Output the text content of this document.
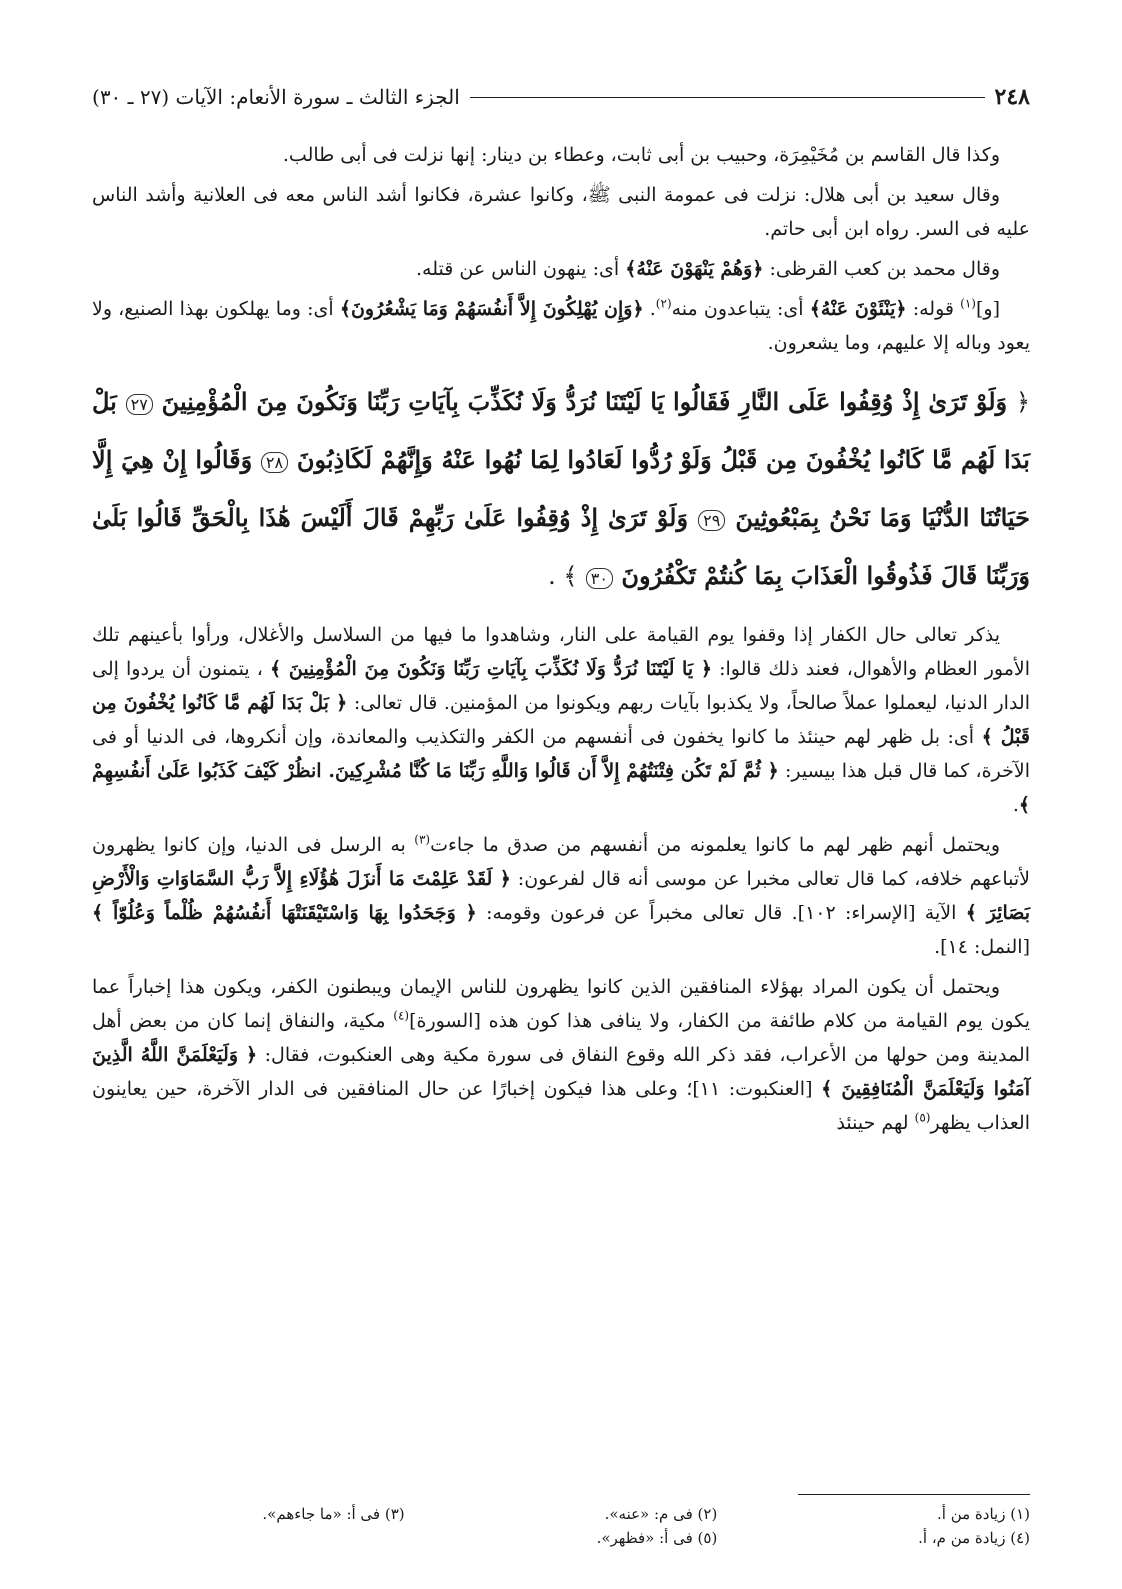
٢٤٨
الجزء الثالث ـ سورة الأنعام: الآيات (٢٧ ـ ٣٠)

وكذا قال القاسم بن مُخَيْمِرَة، وحبيب بن أبى ثابت، وعطاء بن دينار: إنها نزلت فى أبى طالب.

وقال سعيد بن أبى هلال: نزلت فى عمومة النبى ﷺ، وكانوا عشرة، فكانوا أشد الناس معه فى العلانية وأشد الناس عليه فى السر. رواه ابن أبى حاتم.

وقال محمد بن كعب القرظى: ﴿وَهُمْ يَنْهَوْنَ عَنْهُ﴾ أى: ينهون الناس عن قتله.

[و]$^{(١)}$ قوله: ﴿يَنْئَوْنَ عَنْهُ﴾ أى: يتباعدون منه$^{(٢)}$. ﴿وَإِن يُهْلِكُونَ إِلاَّ أَنفُسَهُمْ وَمَا يَشْعُرُونَ﴾ أى: وما يهلكون بهذا الصنيع، ولا يعود وباله إلا عليهم، وما يشعرون.

﴿ وَلَوْ تَرَىٰ إِذْ وُقِفُوا عَلَى النَّارِ فَقَالُوا يَا لَيْتَنَا نُرَدُّ وَلَا نُكَذِّبَ بِآيَاتِ رَبِّنَا وَنَكُونَ مِنَ الْمُؤْمِنِينَ ٢٧ بَلْ بَدَا لَهُم مَّا كَانُوا يُخْفُونَ مِن قَبْلُ وَلَوْ رُدُّوا لَعَادُوا لِمَا نُهُوا عَنْهُ وَإِنَّهُمْ لَكَاذِبُونَ ٢٨ وَقَالُوا إِنْ هِيَ إِلَّا حَيَاتُنَا الدُّنْيَا وَمَا نَحْنُ بِمَبْعُوثِينَ ٢٩ وَلَوْ تَرَىٰ إِذْ وُقِفُوا عَلَىٰ رَبِّهِمْ قَالَ أَلَيْسَ هَٰذَا بِالْحَقِّ قَالُوا بَلَىٰ وَرَبِّنَا قَالَ فَذُوقُوا الْعَذَابَ بِمَا كُنتُمْ تَكْفُرُونَ ٣٠ ﴾ .

يذكر تعالى حال الكفار إذا وقفوا يوم القيامة على النار، وشاهدوا ما فيها من السلاسل والأغلال، ورأوا بأعينهم تلك الأمور العظام والأهوال، فعند ذلك قالوا: ﴿ يَا لَيْتَنَا نُرَدُّ وَلَا نُكَذِّبَ بِآيَاتِ رَبِّنَا وَنَكُونَ مِنَ الْمُؤْمِنِينَ ﴾ ، يتمنون أن يردوا إلى الدار الدنيا، ليعملوا عملاً صالحاً، ولا يكذبوا بآيات ربهم ويكونوا من المؤمنين. قال تعالى: ﴿ بَلْ بَدَا لَهُم مَّا كَانُوا يُخْفُونَ مِن قَبْلُ ﴾ أى: بل ظهر لهم حينئذ ما كانوا يخفون فى أنفسهم من الكفر والتكذيب والمعاندة، وإن أنكروها، فى الدنيا أو فى الآخرة، كما قال قبل هذا بيسير: ﴿ ثُمَّ لَمْ تَكُن فِتْنَتُهُمْ إِلاَّ أَن قَالُوا وَاللَّهِ رَبِّنَا مَا كُنَّا مُشْرِكِينَ. انظُرْ كَيْفَ كَذَبُوا عَلَىٰ أَنفُسِهِمْ ﴾.

ويحتمل أنهم ظهر لهم ما كانوا يعلمونه من أنفسهم من صدق ما جاءت$^{(٣)}$ به الرسل فى الدنيا، وإن كانوا يظهرون لأتباعهم خلافه، كما قال تعالى مخبرا عن موسى أنه قال لفرعون: ﴿ لَقَدْ عَلِمْتَ مَا أَنزَلَ هَٰؤُلَاءِ إِلاَّ رَبُّ السَّمَاوَاتِ وَالْأَرْضِ بَصَائِرَ ﴾ الآية [الإسراء: ١٠٢]. قال تعالى مخبراً عن فرعون وقومه: ﴿ وَجَحَدُوا بِهَا وَاسْتَيْقَنَتْهَا أَنفُسُهُمْ ظُلْماً وَعُلُوّاً ﴾ [النمل: ١٤].

ويحتمل أن يكون المراد بهؤلاء المنافقين الذين كانوا يظهرون للناس الإيمان ويبطنون الكفر، ويكون هذا إخباراً عما يكون يوم القيامة من كلام طائفة من الكفار، ولا ينافى هذا كون هذه [السورة]$^{(٤)}$ مكية، والنفاق إنما كان من بعض أهل المدينة ومن حولها من الأعراب، فقد ذكر الله وقوع النفاق فى سورة مكية وهى العنكبوت، فقال: ﴿ وَلَيَعْلَمَنَّ اللَّهُ الَّذِينَ آمَنُوا وَلَيَعْلَمَنَّ الْمُنَافِقِينَ ﴾ [العنكبوت: ١١]؛ وعلى هذا فيكون إخبارًا عن حال المنافقين فى الدار الآخرة، حين يعاينون العذاب يظهر$^{(٥)}$ لهم حينئذ

(١) زيادة من أ.
(٢) فى م: «عنه».
(٣) فى أ: «ما جاءهم».
(٤) زيادة من م، أ.
(٥) فى أ: «فظهر».
